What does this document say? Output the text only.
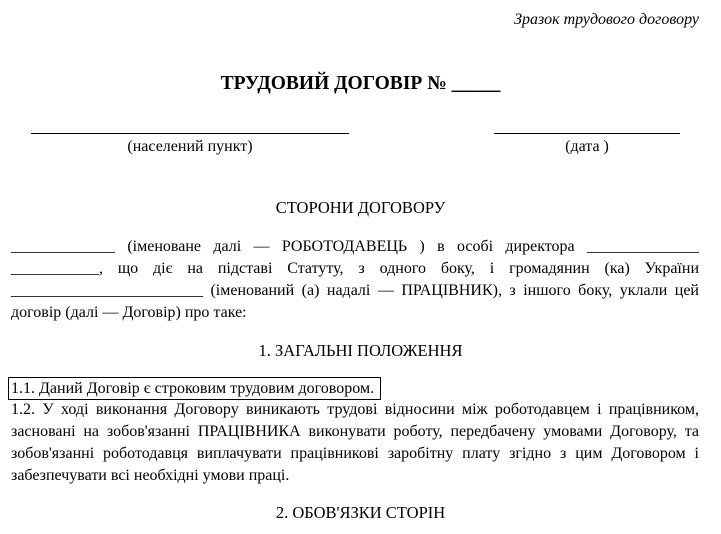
Зразок трудового договору
ТРУДОВИЙ ДОГОВІР № _____
(населений пункт)	(дата )
СТОРОНИ ДОГОВОРУ
_____________ (іменоване далі — РОБОТОДАВЕЦЬ ) в особі директора ______________ ___________, що діє на підставі Статуту, з одного боку, і громадянин (ка) України ________________________ (іменований (а) надалі — ПРАЦІВНИК), з іншого боку, уклали цей договір (далі — Договір) про таке:
1. ЗАГАЛЬНІ ПОЛОЖЕННЯ
1.1. Даний Договір є строковим трудовим договором.
1.2. У ході виконання Договору виникають трудові відносини між роботодавцем і працівником, засновані на зобов'язанні ПРАЦІВНИКА виконувати роботу, передбачену умовами Договору, та зобов'язанні роботодавця виплачувати працівникові заробітну плату згідно з цим Договором і забезпечувати всі необхідні умови праці.
2. ОБОВ'ЯЗКИ СТОРІН
